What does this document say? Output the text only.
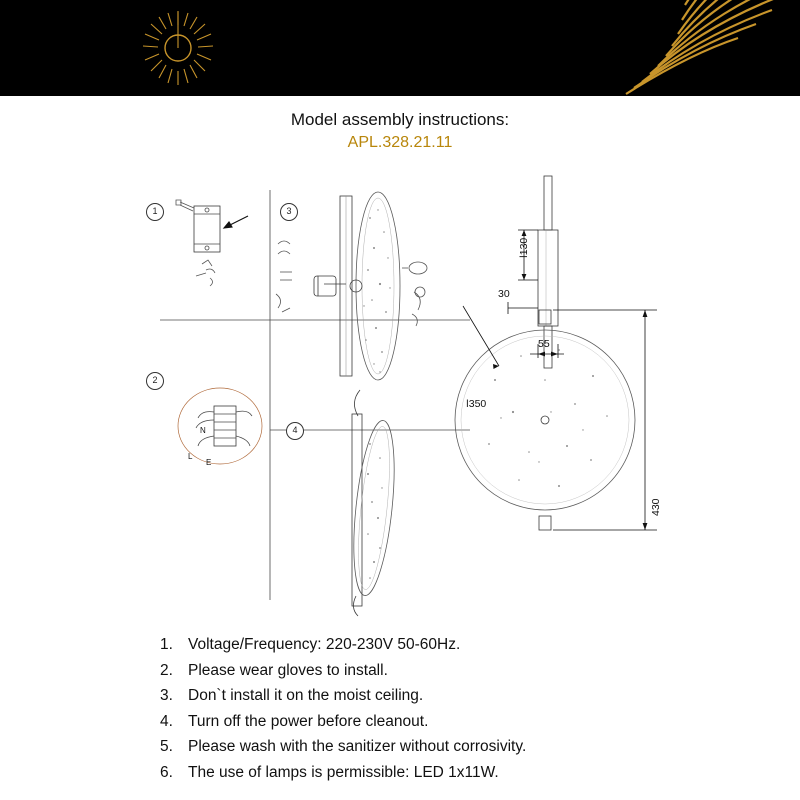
Model assembly instructions:
APL.328.21.11
1
2
3
4
N
L
E
ǀ130
30
55
ǀ350
430
1. Voltage/Frequency: 220-230V 50-60Hz.
2. Please wear gloves to install.
3. Don`t install it on the moist ceiling.
4. Turn off the power before cleanout.
5. Please wash with the sanitizer without corrosivity.
6. The use of lamps is permissible: LED 1x11W.
